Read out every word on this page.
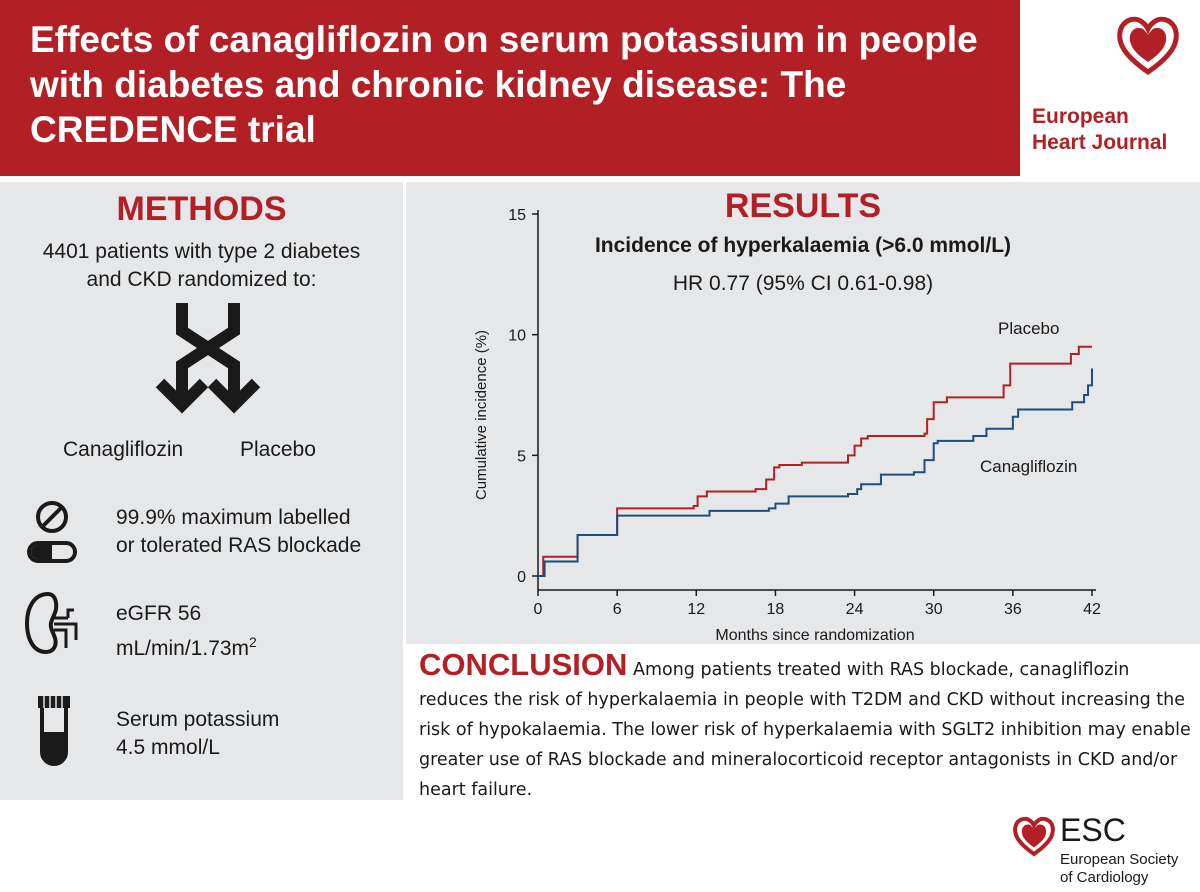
Effects of canagliflozin on serum potassium in people with diabetes and chronic kidney disease: The CREDENCE trial	European
Heart Journal
METHODS
4401 patients with type 2 diabetes
and CKD randomized to:
Canagliflozin	Placebo
99.9% maximum labelled
or tolerated RAS blockade
eGFR 56
$mL/\min/1.73m^2$
Serum potassium
4.5 mmol/L
RESULTS
0
5
10
15
0	6	12	18	24	30	36	42
Months since randomization
Cumulative incidence (%)
Placebo
Canagliflozin
Incidence of hyperkalaemia (>6.0 mmol/L)
HR 0.77 (95% CI 0.61-0.98)
CONCLUSION Among patients treated with RAS blockade, canagliflozin reduces the risk of hyperkalaemia in people with T2DM and CKD without increasing the risk of hypokalaemia. The lower risk of hyperkalaemia with SGLT2 inhibition may enable greater use of RAS blockade and mineralocorticoid receptor antagonists in CKD and/or heart failure.
ESC
European Society
of Cardiology
